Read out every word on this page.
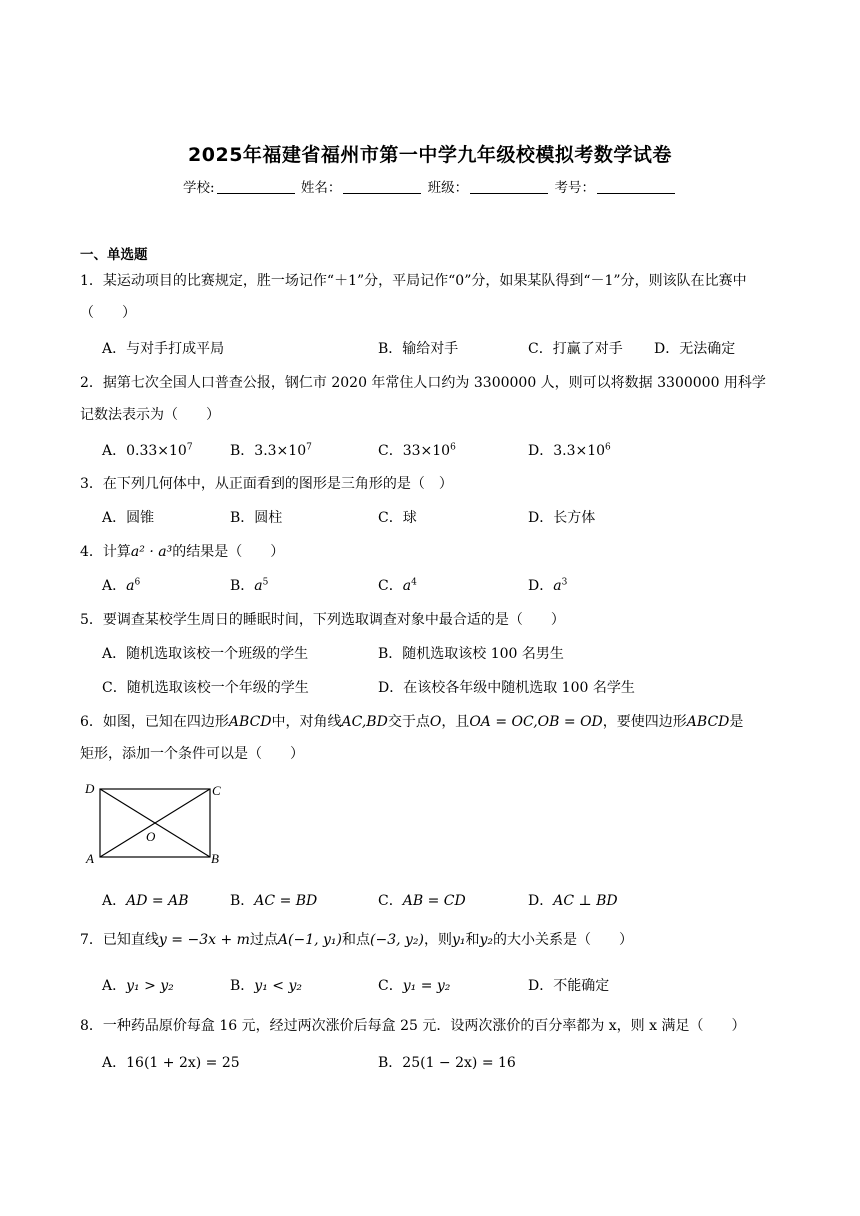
2025年福建省福州市第一中学九年级校模拟考数学试卷
学校:	姓名：	班级：	考号：
一、单选题
1．某运动项目的比赛规定，胜一场记作“＋1”分，平局记作“0”分，如果某队得到“－1”分，则该队在比赛中
（　　）
A．与对手打成平局	B．输给对手	C．打赢了对手 D．无法确定
2．据第七次全国人口普查公报，钢仁市 2020 年常住人口约为 3300000 人，则可以将数据 3300000 用科学
记数法表示为（　　）
A．$0.33\times 10^7$	B．$3.3\times 10^7$	C．$33\times 10^6$	D．$3.3\times 10^6$
3．在下列几何体中，从正面看到的图形是三角形的是（　）
A．圆锥	B．圆柱	C．球	D．长方体
4．计算a² · a³的结果是（　　）
A．$a^6$	B．$a^5$	C．$a^4$	D．$a^3$
5．要调查某校学生周日的睡眠时间，下列选取调查对象中最合适的是（　　）
A．随机选取该校一个班级的学生	B．随机选取该校 100 名男生
C．随机选取该校一个年级的学生	D．在该校各年级中随机选取 100 名学生
6．如图，已知在四边形ABCD中，对角线AC,BD交于点O，且OA = OC,OB = OD，要使四边形ABCD是
矩形，添加一个条件可以是（　　）
D	C
O
A	B
A．AD = AB	B．AC = BD	C．AB = CD	D．AC ⊥ BD
7．已知直线y = −3x + m过点A(−1, y₁)和点(−3, y₂)，则y₁和y₂的大小关系是（　　）
A．y₁ > y₂	B．y₁ < y₂	C．y₁ = y₂	D．不能确定
8．一种药品原价每盒 16 元，经过两次涨价后每盒 25 元．设两次涨价的百分率都为 x，则 x 满足（　　）
A．16(1 + 2x) = 25	B．25(1 − 2x) = 16
